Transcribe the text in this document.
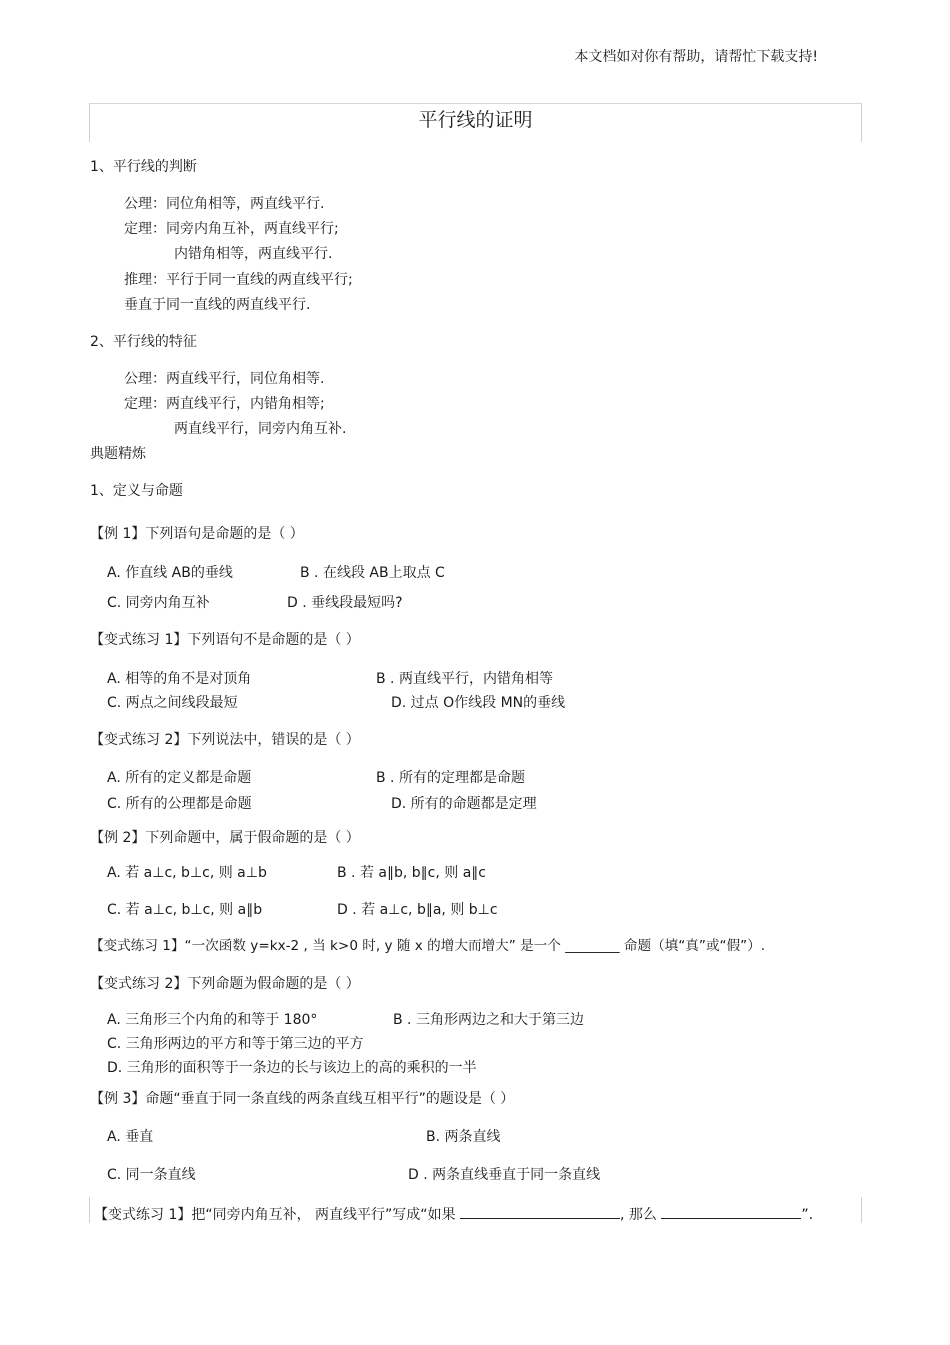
本文档如对你有帮助，请帮忙下载支持!
平行线的证明
1、平行线的判断
公理：同位角相等，两直线平行.
定理：同旁内角互补，两直线平行;
内错角相等，两直线平行.
推理：平行于同一直线的两直线平行;
垂直于同一直线的两直线平行.
2、平行线的特征
公理：两直线平行，同位角相等.
定理：两直线平行，内错角相等;
两直线平行，同旁内角互补.
典题精炼
1、定义与命题
【例 1】下列语句是命题的是（ ）
A. 作直线 AB的垂线	B . 在线段 AB上取点 C
C. 同旁内角互补	D . 垂线段最短吗?
【变式练习 1】下列语句不是命题的是（ ）
A. 相等的角不是对顶角	B . 两直线平行，内错角相等
C. 两点之间线段最短	D. 过点 O作线段 MN的垂线
【变式练习 2】下列说法中，错误的是（ ）
A. 所有的定义都是命题	B . 所有的定理都是命题
C. 所有的公理都是命题	D. 所有的命题都是定理
【例 2】下列命题中，属于假命题的是（ ）
A. 若 a⊥c, b⊥c, 则 a⊥b	B . 若 a∥b, b∥c, 则 a∥c
C. 若 a⊥c, b⊥c, 则 a∥b	D . 若 a⊥c, b∥a, 则 b⊥c
【变式练习 1】“一次函数 y=kx-2 , 当 k>0 时, y 随 x 的增大而增大” 是一个 ________ 命题（填“真”或“假”）.
【变式练习 2】下列命题为假命题的是（ ）
A. 三角形三个内角的和等于 180°	B . 三角形两边之和大于第三边
C. 三角形两边的平方和等于第三边的平方
D. 三角形的面积等于一条边的长与该边上的高的乘积的一半
【例 3】命题“垂直于同一条直线的两条直线互相平行”的题设是（ ）
A. 垂直	B. 两条直线
C. 同一条直线	D . 两条直线垂直于同一条直线
【变式练习 1】把“同旁内角互补， 两直线平行”写成“如果	, 那么	”.
